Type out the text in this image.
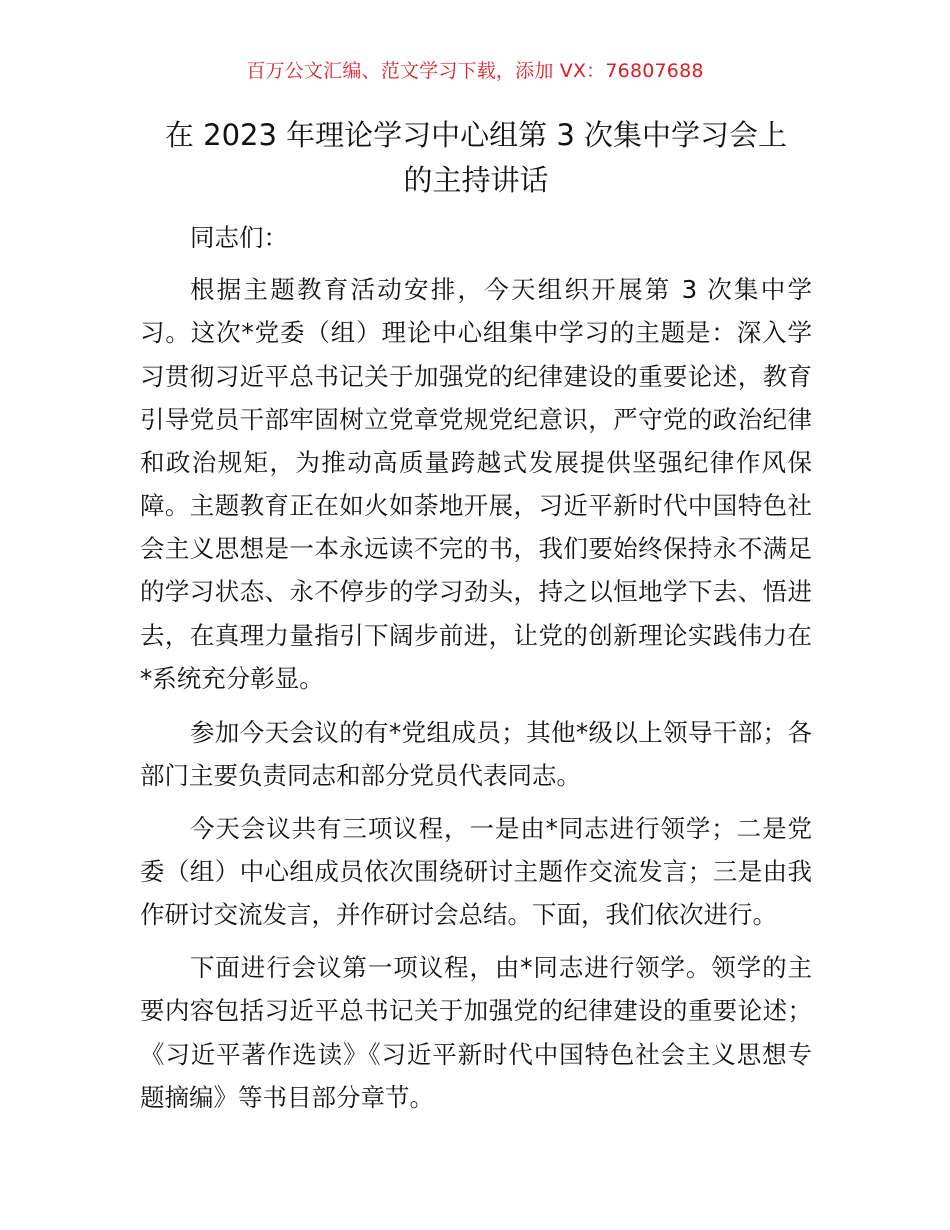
百万公文汇编、范文学习下载，添加 VX：76807688
在 2023 年理论学习中心组第 3 次集中学习会上
的主持讲话
同志们：
根据主题教育活动安排，今天组织开展第 3 次集中学
习。这次*党委（组）理论中心组集中学习的主题是：深入学
习贯彻习近平总书记关于加强党的纪律建设的重要论述，教育
引导党员干部牢固树立党章党规党纪意识，严守党的政治纪律
和政治规矩，为推动高质量跨越式发展提供坚强纪律作风保
障。主题教育正在如火如荼地开展，习近平新时代中国特色社
会主义思想是一本永远读不完的书，我们要始终保持永不满足
的学习状态、永不停步的学习劲头，持之以恒地学下去、悟进
去，在真理力量指引下阔步前进，让党的创新理论实践伟力在
*系统充分彰显。
参加今天会议的有*党组成员；其他*级以上领导干部；各
部门主要负责同志和部分党员代表同志。
今天会议共有三项议程，一是由*同志进行领学；二是党
委（组）中心组成员依次围绕研讨主题作交流发言；三是由我
作研讨交流发言，并作研讨会总结。下面，我们依次进行。
下面进行会议第一项议程，由*同志进行领学。领学的主
要内容包括习近平总书记关于加强党的纪律建设的重要论述；
《习近平著作选读》《习近平新时代中国特色社会主义思想专
题摘编》等书目部分章节。
